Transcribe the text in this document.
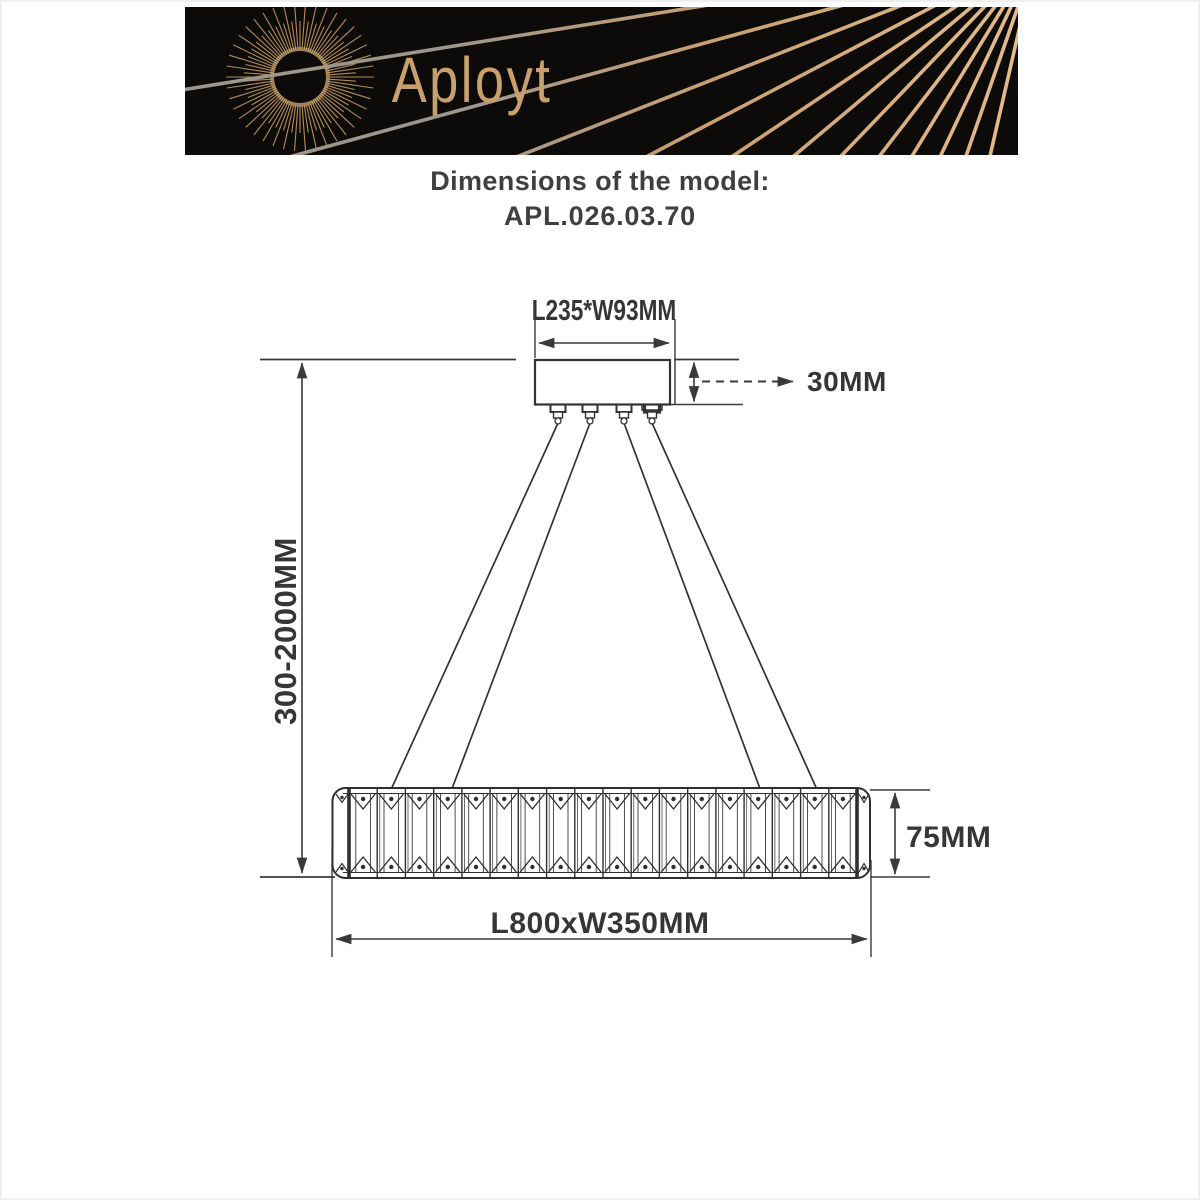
Aployt
Dimensions of the model:
APL.026.03.70
L235*W93MM
30MM
300-2000MM
75MM
L800xW350MM
